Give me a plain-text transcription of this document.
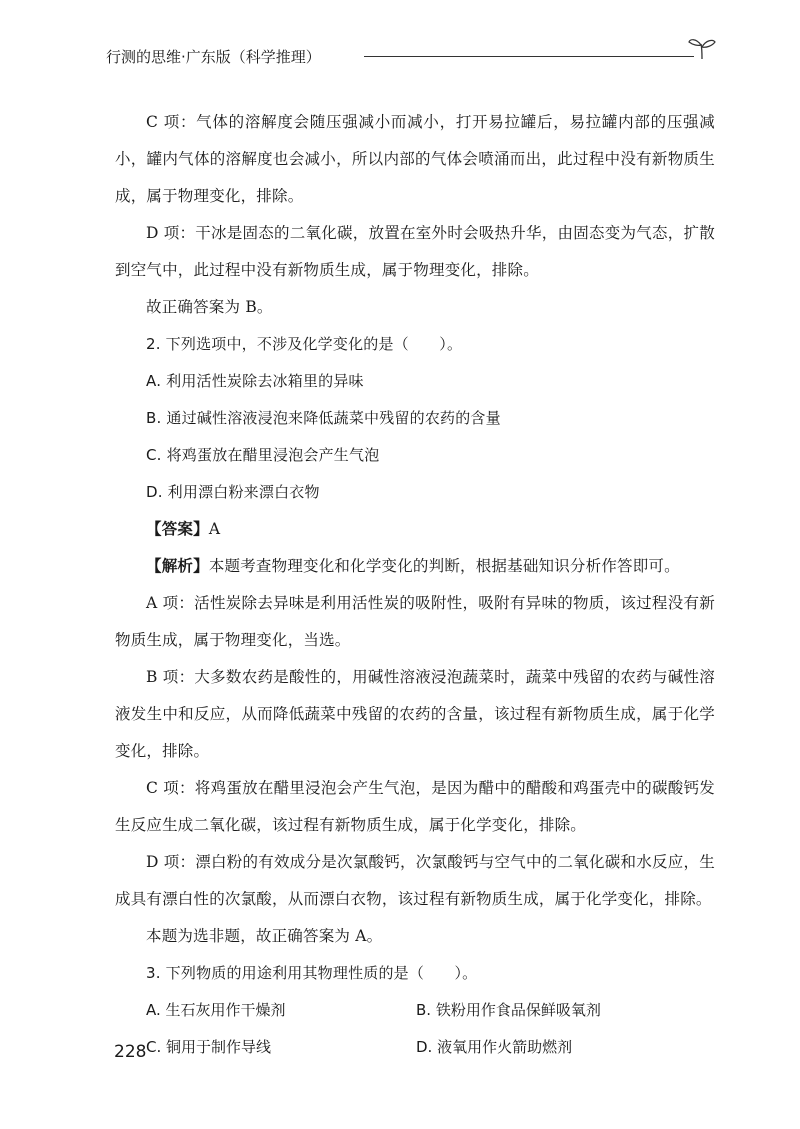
行测的思维·广东版（科学推理）

C 项：气体的溶解度会随压强减小而减小，打开易拉罐后，易拉罐内部的压强减小，罐内气体的溶解度也会减小，所以内部的气体会喷涌而出，此过程中没有新物质生成，属于物理变化，排除。

D 项：干冰是固态的二氧化碳，放置在室外时会吸热升华，由固态变为气态，扩散到空气中，此过程中没有新物质生成，属于物理变化，排除。

故正确答案为 B。

2. 下列选项中，不涉及化学变化的是（　　）。

A. 利用活性炭除去冰箱里的异味

B. 通过碱性溶液浸泡来降低蔬菜中残留的农药的含量

C. 将鸡蛋放在醋里浸泡会产生气泡

D. 利用漂白粉来漂白衣物

【答案】A

【解析】本题考查物理变化和化学变化的判断，根据基础知识分析作答即可。

A 项：活性炭除去异味是利用活性炭的吸附性，吸附有异味的物质，该过程没有新物质生成，属于物理变化，当选。

B 项：大多数农药是酸性的，用碱性溶液浸泡蔬菜时，蔬菜中残留的农药与碱性溶液发生中和反应，从而降低蔬菜中残留的农药的含量，该过程有新物质生成，属于化学变化，排除。

C 项：将鸡蛋放在醋里浸泡会产生气泡，是因为醋中的醋酸和鸡蛋壳中的碳酸钙发生反应生成二氧化碳，该过程有新物质生成，属于化学变化，排除。

D 项：漂白粉的有效成分是次氯酸钙，次氯酸钙与空气中的二氧化碳和水反应，生成具有漂白性的次氯酸，从而漂白衣物，该过程有新物质生成，属于化学变化，排除。

本题为选非题，故正确答案为 A。

3. 下列物质的用途利用其物理性质的是（　　）。

A. 生石灰用作干燥剂	B. 铁粉用作食品保鲜吸氧剂
C. 铜用于制作导线	D. 液氧用作火箭助燃剂
228
